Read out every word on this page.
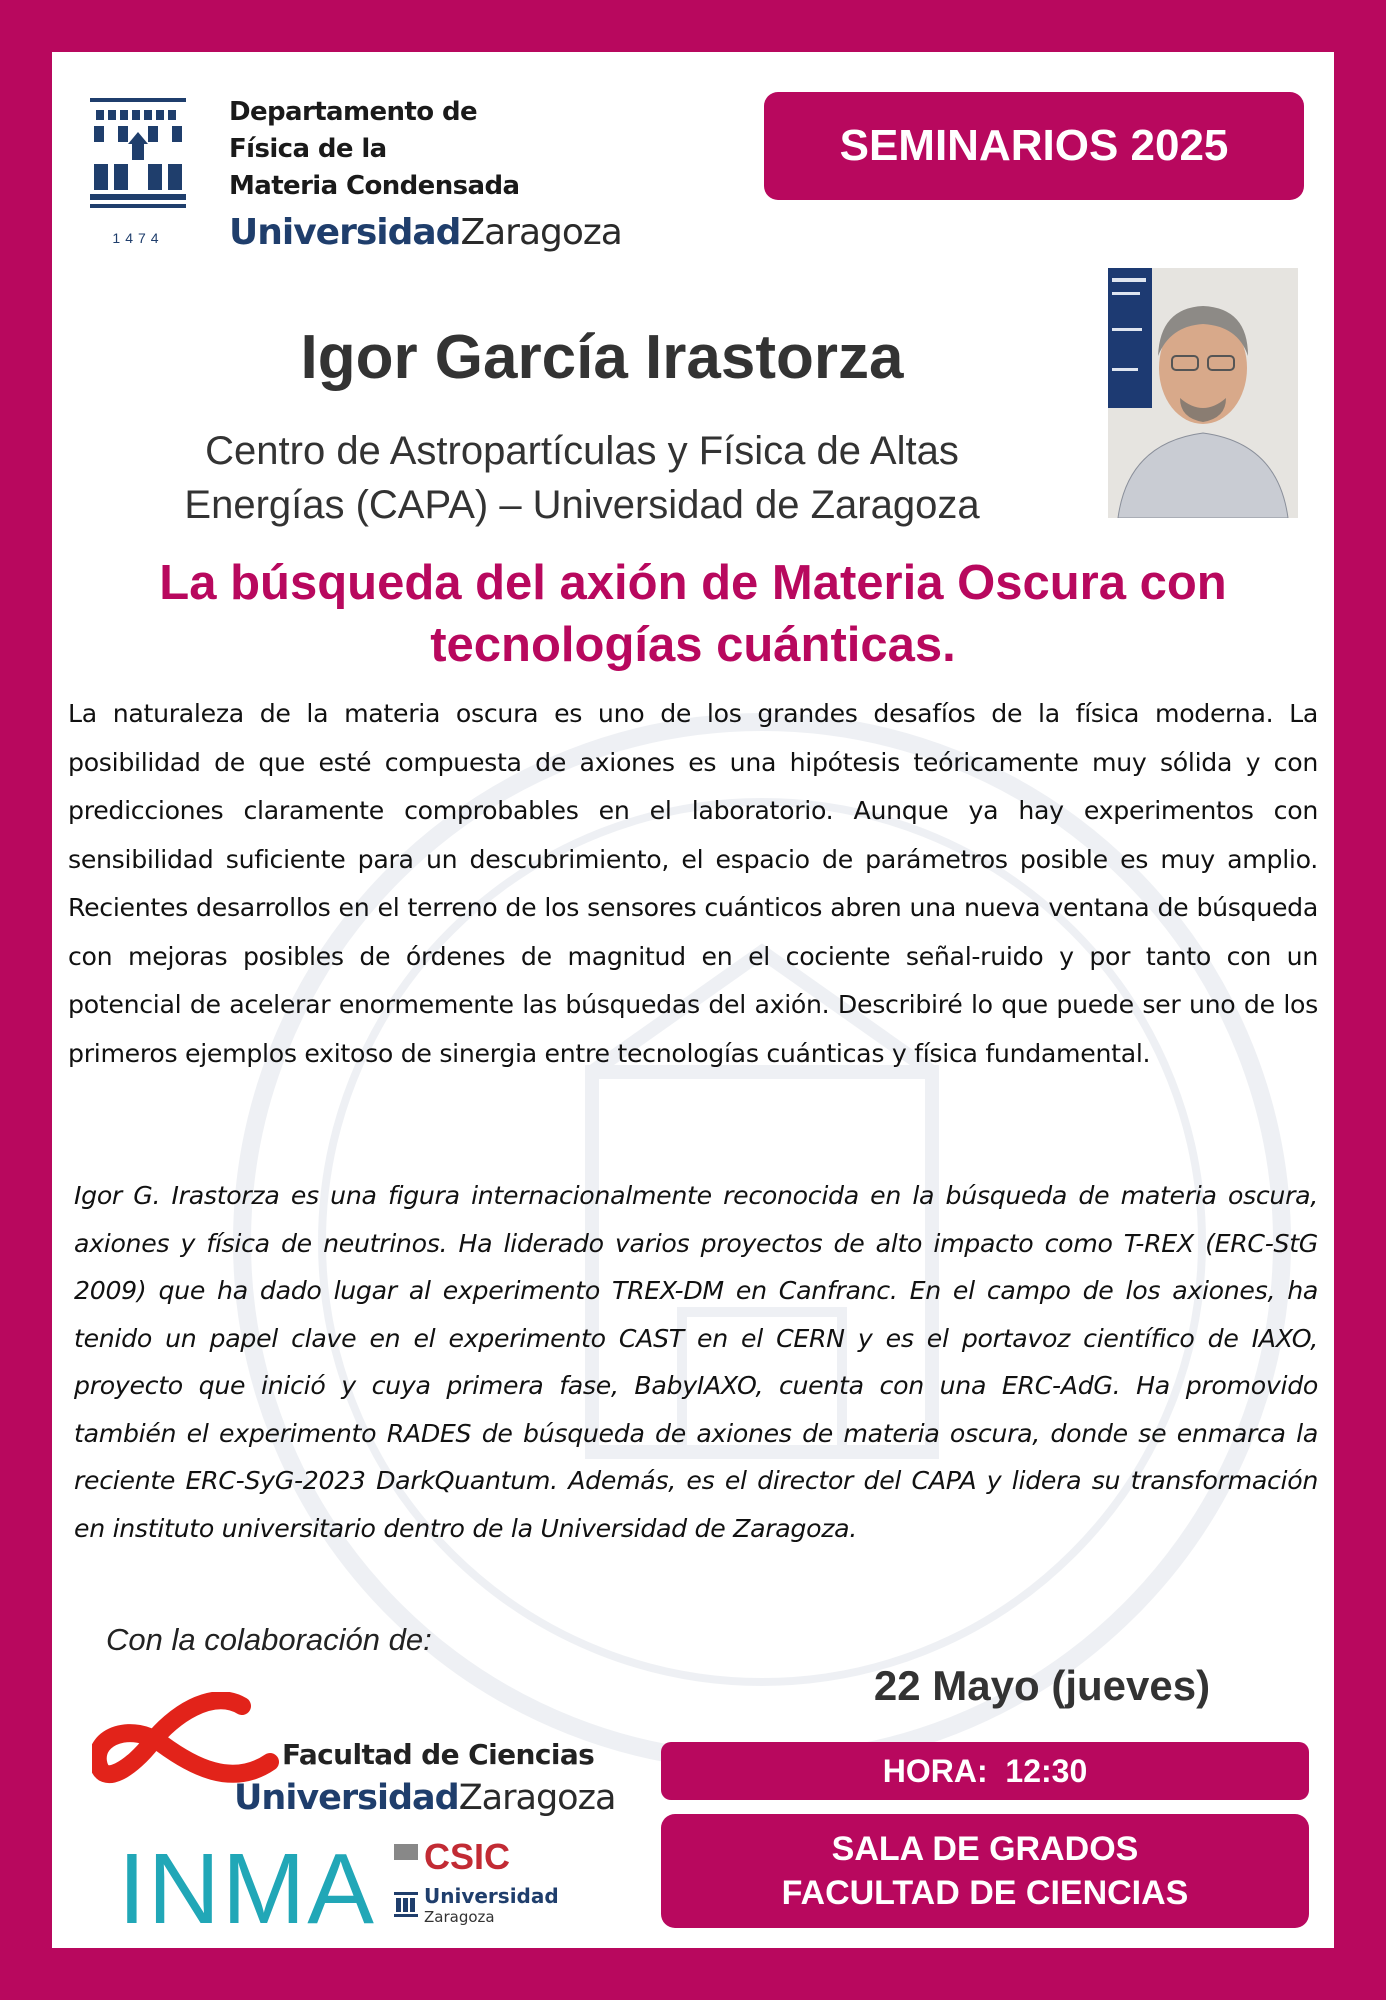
1474
Departamento de
Física de la
Materia Condensada
UniversidadZaragoza
SEMINARIOS 2025
Igor García Irastorza
Centro de Astropartículas y Física de Altas
Energías (CAPA) – Universidad de Zaragoza
La búsqueda del axión de Materia Oscura con
tecnologías cuánticas.
La naturaleza de la materia oscura es uno de los grandes desafíos de la física moderna. La posibilidad de que esté compuesta de axiones es una hipótesis teóricamente muy sólida y con predicciones claramente comprobables en el laboratorio. Aunque ya hay experimentos con sensibilidad suficiente para un descubrimiento, el espacio de parámetros posible es muy amplio. Recientes desarrollos en el terreno de los sensores cuánticos abren una nueva ventana de búsqueda con mejoras posibles de órdenes de magnitud en el cociente señal-ruido y por tanto con un potencial de acelerar enormemente las búsquedas del axión. Describiré lo que puede ser uno de los primeros ejemplos exitoso de sinergia entre tecnologías cuánticas y física fundamental.
Igor G. Irastorza es una figura internacionalmente reconocida en la búsqueda de materia oscura, axiones y física de neutrinos. Ha liderado varios proyectos de alto impacto como T-REX (ERC-StG 2009) que ha dado lugar al experimento TREX-DM en Canfranc. En el campo de los axiones, ha tenido un papel clave en el experimento CAST en el CERN y es el portavoz científico de IAXO, proyecto que inició y cuya primera fase, BabyIAXO, cuenta con una ERC-AdG. Ha promovido también el experimento RADES de búsqueda de axiones de materia oscura, donde se enmarca la reciente ERC-SyG-2023 DarkQuantum. Además, es el director del CAPA y lidera su transformación en instituto universitario dentro de la Universidad de Zaragoza.
Con la colaboración de:
Facultad de Ciencias
UniversidadZaragoza
INMA CSIC
Universidad
Zaragoza
22 Mayo (jueves)
HORA:  12:30
SALA DE GRADOS
FACULTAD DE CIENCIAS
